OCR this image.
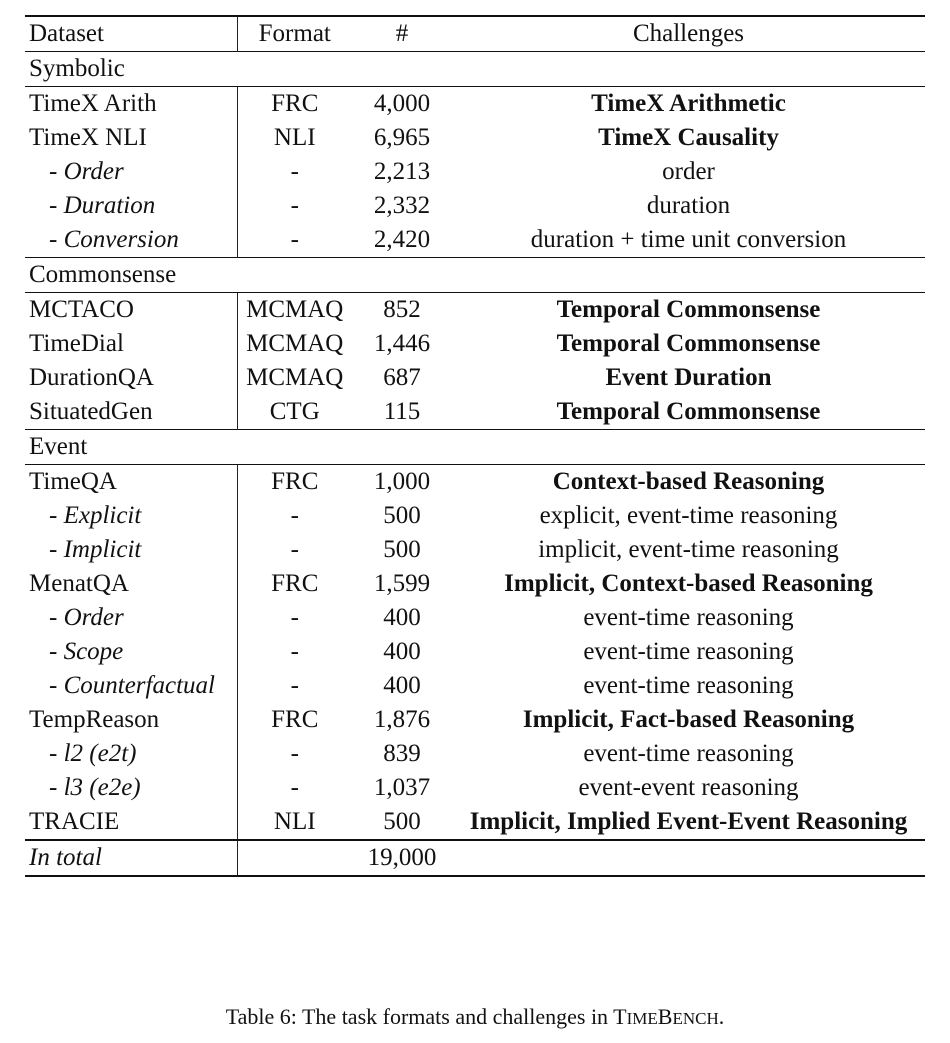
Dataset	Format	#	Challenges
Symbolic			
TimeX Arith	FRC	4,000	TimeX Arithmetic
TimeX NLI	NLI	6,965	TimeX Causality
- Order	-	2,213	order
- Duration	-	2,332	duration
- Conversion	-	2,420	duration + time unit conversion
Commonsense			
MCTACO	MCMAQ	852	Temporal Commonsense
TimeDial	MCMAQ	1,446	Temporal Commonsense
DurationQA	MCMAQ	687	Event Duration
SituatedGen	CTG	115	Temporal Commonsense
Event			
TimeQA	FRC	1,000	Context-based Reasoning
- Explicit	-	500	explicit, event-time reasoning
- Implicit	-	500	implicit, event-time reasoning
MenatQA	FRC	1,599	Implicit, Context-based Reasoning
- Order	-	400	event-time reasoning
- Scope	-	400	event-time reasoning
- Counterfactual	-	400	event-time reasoning
TempReason	FRC	1,876	Implicit, Fact-based Reasoning
- l2 (e2t)	-	839	event-time reasoning
- l3 (e2e)	-	1,037	event-event reasoning
TRACIE	NLI	500	Implicit, Implied Event-Event Reasoning
In total		19,000	
Table 6: The task formats and challenges in TIMEBENCH.
